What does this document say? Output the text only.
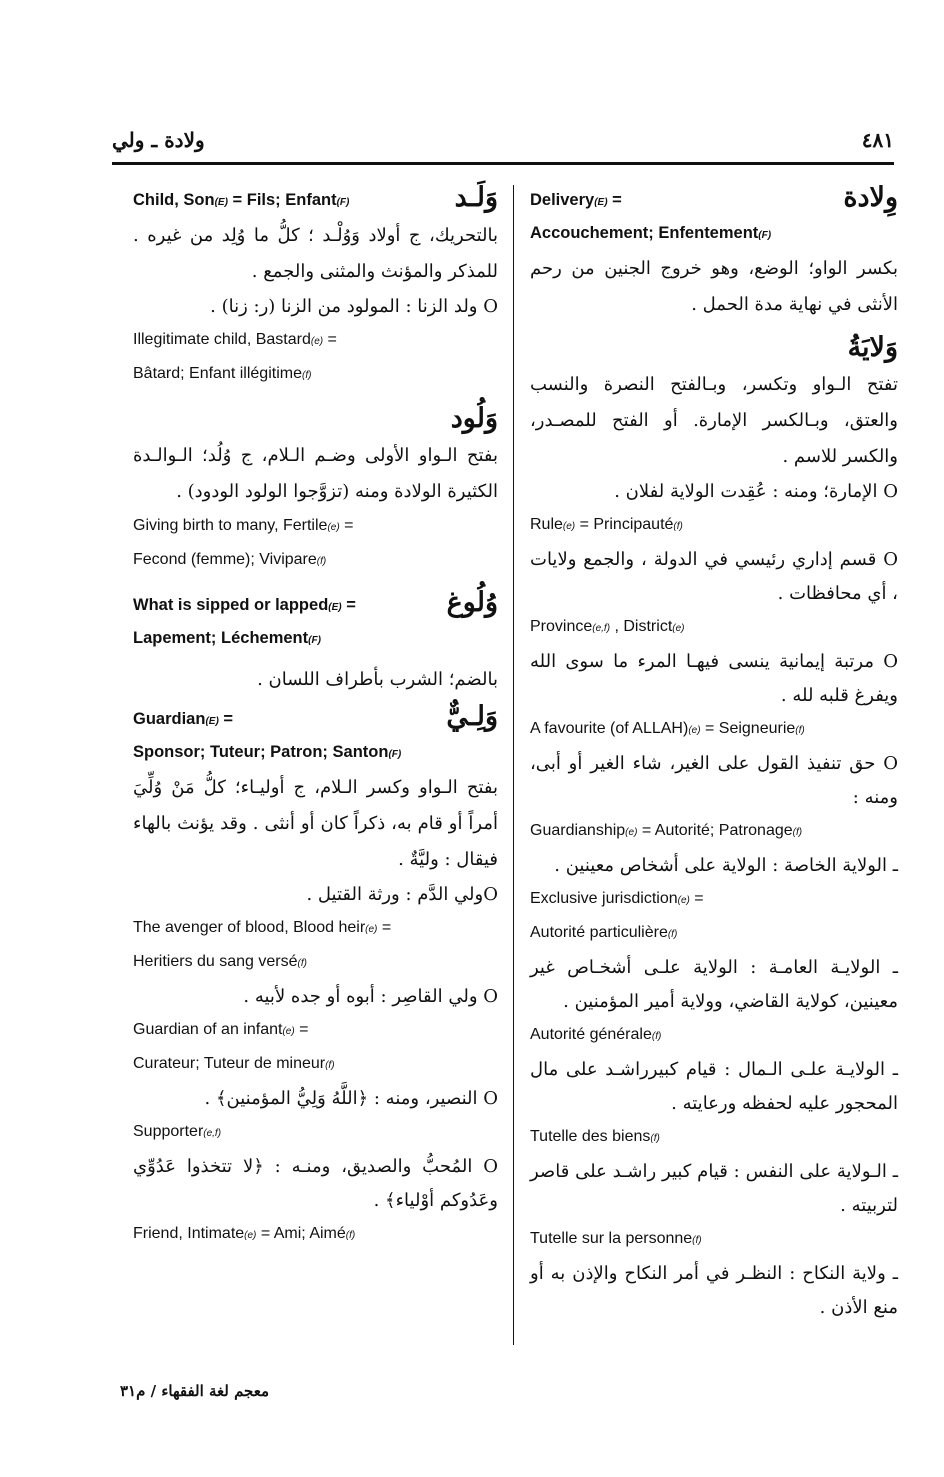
ولادة ـ ولي	٤٨١
وِلادة
Delivery(E) =
Accouchement; Enfentement(F)
بكسر الواو؛ الوضع، وهو خروج الجنين من رحم الأنثى في نهاية مدة الحمل .
وَلايَةُ
تفتح الـواو وتكسر، وبـالفتح النصرة والنسب والعتق، وبـالكسر الإمارة. أو الفتح للمصـدر، والكسر للاسم .
O الإمارة؛ ومنه : عُقِدت الولاية لفلان .
Rule(e) = Principauté(f)
O قسم إداري رئيسي في الدولة ، والجمع ولايات ، أي محافظات .
Province(e,f) , District(e)
O مرتبة إيمانية ينسى فيهـا المرء ما سوى الله ويفرغ قلبه لله .
A favourite (of ALLAH)(e) = Seigneurie(f)
O حق تنفيذ القول على الغير، شاء الغير أو أبى، ومنه :
Guardianship(e) = Autorité; Patronage(f)
ـ الولاية الخاصة : الولاية على أشخاص معينين .
Exclusive jurisdiction(e) =
Autorité particulière(f)
ـ الولايـة العامـة : الولاية علـى أشخـاص غير معينين، كولاية القاضي، وولاية أمير المؤمنين .
Autorité générale(f)
ـ الولايـة علـى الـمال : قيام كبيرراشـد على مال المحجور عليه لحفظه ورعايته .
Tutelle des biens(f)
ـ الـولاية على النفس : قيام كبير راشـد على قاصر لتربيته .
Tutelle sur la personne(f)
ـ ولاية النكاح : النظـر في أمر النكاح والإذن به أو منع الأذن .
وَلَـد
Child, Son(E) = Fils; Enfant(F)
بالتحريك، ج أولاد وَوُلْـد ؛ كلُّ ما وُلِد من غيره . للمذكر والمؤنث والمثنى والجمع .
O ولد الزنا : المولود من الزنا (ر: زنا) .
Illegitimate child, Bastard(e) =
Bâtard; Enfant illégitime(f)
وَلُود
بفتح الـواو الأولى وضـم الـلام، ج وُلُد؛ الـوالـدة الكثيرة الولادة ومنه (تزوَّجوا الولود الودود) .
Giving birth to many, Fertile(e) =
Fecond (femme); Vivipare(f)
وُلُوغ
What is sipped or lapped(E) =
Lapement; Léchement(F)
بالضم؛ الشرب بأطراف اللسان .
وَلِـيٌّ
Guardian(E) =
Sponsor; Tuteur; Patron; Santon(F)
بفتح الـواو وكسر الـلام، ج أوليـاء؛ كلُّ مَنْ وُلِّيَ أمراً أو قام به، ذكراً كان أو أنثى . وقد يؤنث بالهاء فيقال : وليَّةٌ .
Oولي الدَّم : ورثة القتيل .
The avenger of blood, Blood heir(e) =
Heritiers du sang versé(f)
O ولي القاصِر : أبوه أو جده لأبيه .
Guardian of an infant(e) =
Curateur; Tuteur de mineur(f)
O النصير، ومنه : ﴿اللَّهُ وَلِيُّ المؤمنين﴾ .
Supporter(e,f)
O المُحبُّ والصديق، ومنـه : ﴿لا تتخذوا عَدُوِّي وعَدُوكم أوْلياء﴾ .
Friend, Intimate(e) = Ami; Aimé(f)
معجم لغة الفقهاء / م٣١
